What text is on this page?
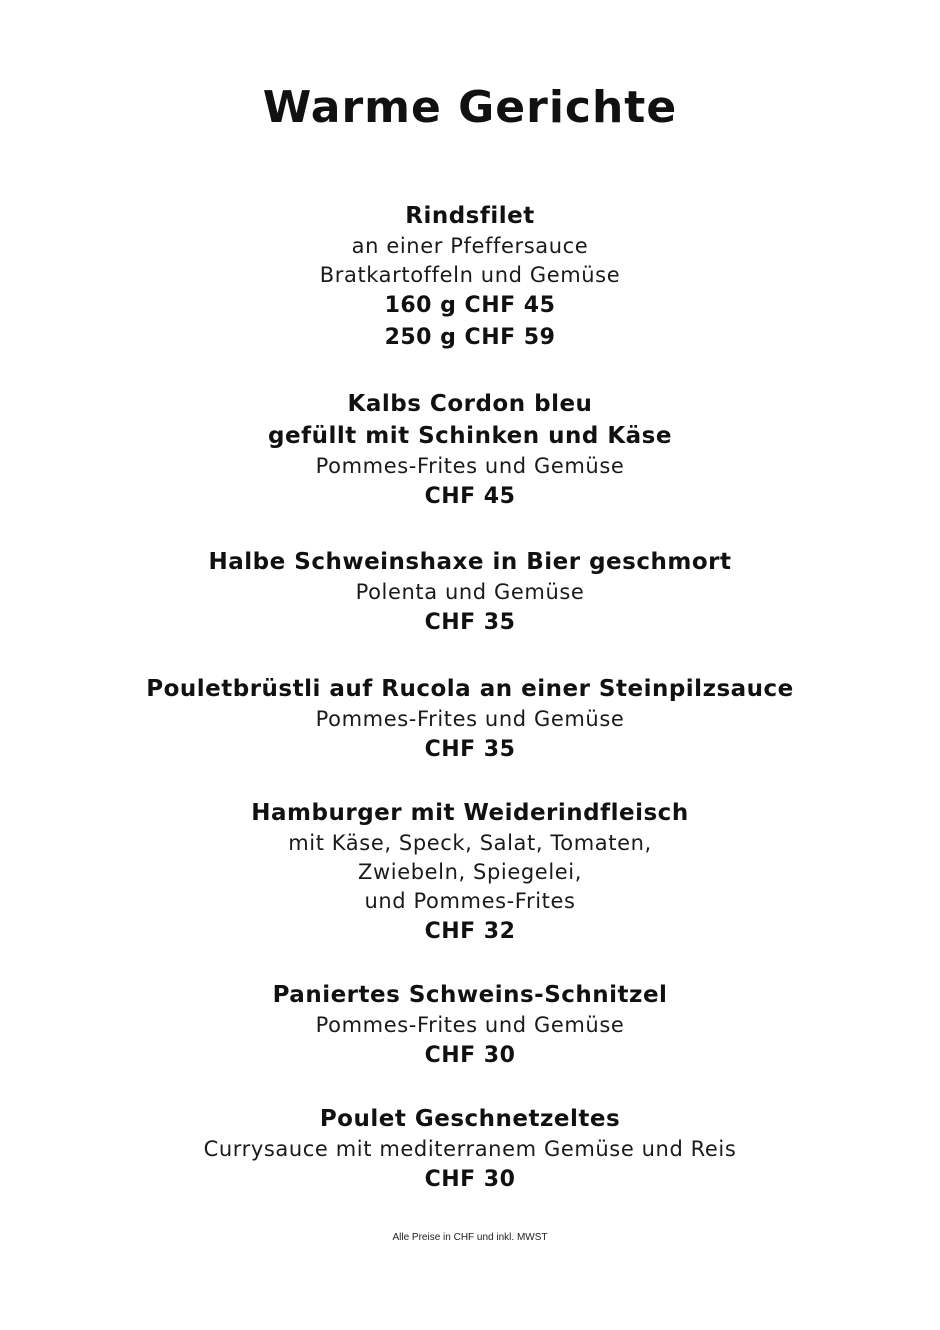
Warme Gerichte
Rindsfilet
an einer Pfeffersauce
Bratkartoffeln und Gemüse
160 g CHF 45
250 g CHF 59
Kalbs Cordon bleu
gefüllt mit Schinken und Käse
Pommes-Frites und Gemüse
CHF 45
Halbe Schweinshaxe in Bier geschmort
Polenta und Gemüse
CHF 35
Pouletbrüstli auf Rucola an einer Steinpilzsauce
Pommes-Frites und Gemüse
CHF 35
Hamburger mit Weiderindfleisch
mit Käse, Speck, Salat, Tomaten,
Zwiebeln, Spiegelei,
und Pommes-Frites
CHF 32
Paniertes Schweins-Schnitzel
Pommes-Frites und Gemüse
CHF 30
Poulet Geschnetzeltes
Currysauce mit mediterranem Gemüse und Reis
CHF 30
Alle Preise in CHF und inkl. MWST
